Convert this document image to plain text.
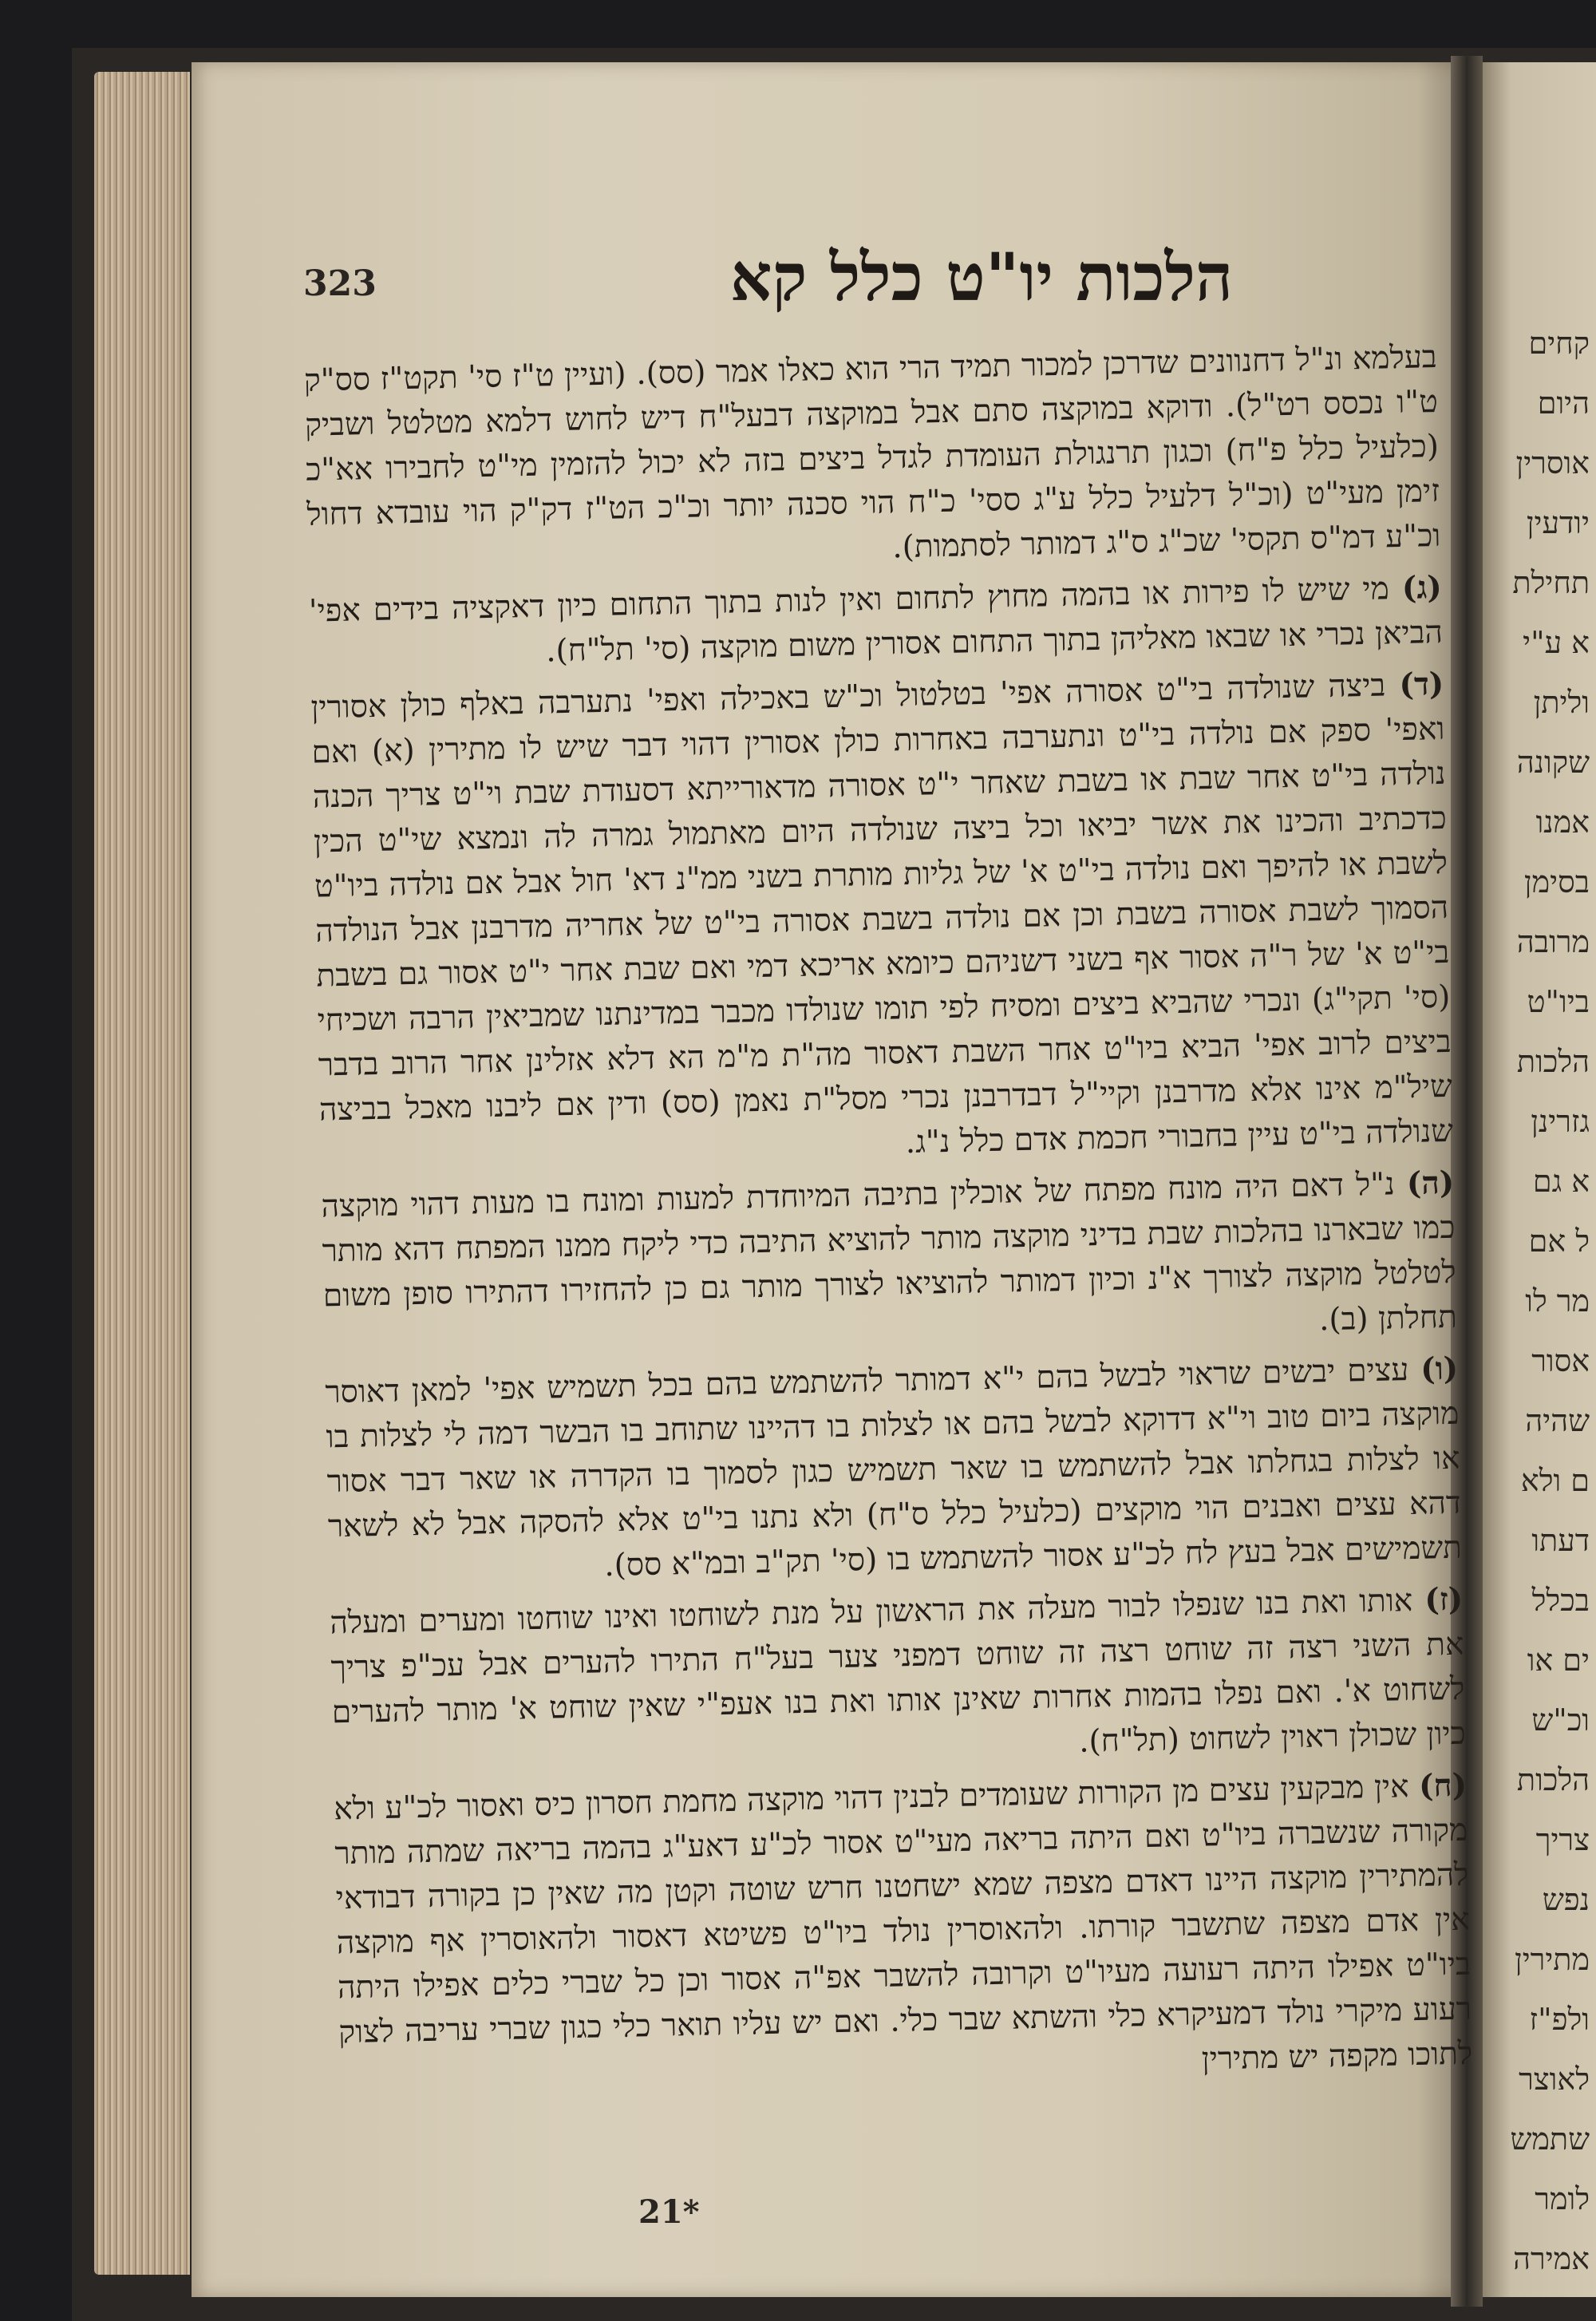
קחים
היום
אוסרין
יודעין
תחילת
א ע"י
וליתן
שקונה
אמנו
בסימן
מרובה
ביו"ט
הלכות
גזרינן
א גם
ל אם
מר לו
אסור
שהיה
ם ולא
דעתו
בכלל
ים או
וכ"ש
הלכות
צריך
נפש
מתירין
ולפ"ז
לאוצר
שתמש
לומר
אמירה
323	הלכות יו"ט כלל קא

בעלמא ונ"ל דחנוונים שדרכן למכור תמיד הרי הוא כאלו אמר (סס). (ועיין ט"ז סי' תקט"ז סס"ק ט"ו נכסס רט"ל). ודוקא במוקצה סתם אבל במוקצה דבעל"ח דיש לחוש דלמא מטלטל ושביק (כלעיל כלל פ"ח) וכגון תרנגולת העומדת לגדל ביצים בזה לא יכול להזמין מי"ט לחבירו אא"כ זימן מעי"ט (וכ"ל דלעיל כלל ע"ג ססי' כ"ח הוי סכנה יותר וכ"כ הט"ז דק"ק הוי עובדא דחול וכ"ע דמ"ס תקסי' שכ"ג ס"ג דמותר לסתמות).

(ג) מי שיש לו פירות או בהמה מחוץ לתחום ואין לנות בתוך התחום כיון דאקציה בידים אפי' הביאן נכרי או שבאו מאליהן בתוך התחום אסורין משום מוקצה (סי' תל"ח).

(ד) ביצה שנולדה בי"ט אסורה אפי' בטלטול וכ"ש באכילה ואפי' נתערבה באלף כולן אסורין ואפי' ספק אם נולדה בי"ט ונתערבה באחרות כולן אסורין דהוי דבר שיש לו מתירין (א) ואם נולדה בי"ט אחר שבת או בשבת שאחר י"ט אסורה מדאורייתא דסעודת שבת וי"ט צריך הכנה כדכתיב והכינו את אשר יביאו וכל ביצה שנולדה היום מאתמול גמרה לה ונמצא שי"ט הכין לשבת או להיפך ואם נולדה בי"ט א' של גליות מותרת בשני ממ"נ דא' חול אבל אם נולדה ביו"ט הסמוך לשבת אסורה בשבת וכן אם נולדה בשבת אסורה בי"ט של אחריה מדרבנן אבל הנולדה בי"ט א' של ר"ה אסור אף בשני דשניהם כיומא אריכא דמי ואם שבת אחר י"ט אסור גם בשבת (סי' תקי"ג) ונכרי שהביא ביצים ומסיח לפי תומו שנולדו מכבר במדינתנו שמביאין הרבה ושכיחי ביצים לרוב אפי' הביא ביו"ט אחר השבת דאסור מה"ת מ"מ הא דלא אזלינן אחר הרוב בדבר שיל"מ אינו אלא מדרבנן וקיי"ל דבדרבנן נכרי מסל"ת נאמן (סס) ודין אם ליבנו מאכל בביצה שנולדה בי"ט עיין בחבורי חכמת אדם כלל נ"ג.

(ה) נ"ל דאם היה מונח מפתח של אוכלין בתיבה המיוחדת למעות ומונח בו מעות דהוי מוקצה כמו שבארנו בהלכות שבת בדיני מוקצה מותר להוציא התיבה כדי ליקח ממנו המפתח דהא מותר לטלטל מוקצה לצורך א"נ וכיון דמותר להוציאו לצורך מותר גם כן להחזירו דהתירו סופן משום תחלתן (ב).

(ו) עצים יבשים שראוי לבשל בהם י"א דמותר להשתמש בהם בכל תשמיש אפי' למאן דאוסר מוקצה ביום טוב וי"א דדוקא לבשל בהם או לצלות בו דהיינו שתוחב בו הבשר דמה לי לצלות בו או לצלות בגחלתו אבל להשתמש בו שאר תשמיש כגון לסמוך בו הקדרה או שאר דבר אסור דהא עצים ואבנים הוי מוקצים (כלעיל כלל ס"ח) ולא נתנו בי"ט אלא להסקה אבל לא לשאר תשמישים אבל בעץ לח לכ"ע אסור להשתמש בו (סי' תק"ב ובמ"א סס).

(ז) אותו ואת בנו שנפלו לבור מעלה את הראשון על מנת לשוחטו ואינו שוחטו ומערים ומעלה את השני רצה זה שוחט רצה זה שוחט דמפני צער בעל"ח התירו להערים אבל עכ"פ צריך לשחוט א'. ואם נפלו בהמות אחרות שאינן אותו ואת בנו אעפ"י שאין שוחט א' מותר להערים כיון שכולן ראוין לשחוט (תל"ח).

(ח) אין מבקעין עצים מן הקורות שעומדים לבנין דהוי מוקצה מחמת חסרון כיס ואסור לכ"ע ולא מקורה שנשברה ביו"ט ואם היתה בריאה מעי"ט אסור לכ"ע דאע"ג בהמה בריאה שמתה מותר להמתירין מוקצה היינו דאדם מצפה שמא ישחטנו חרש שוטה וקטן מה שאין כן בקורה דבודאי אין אדם מצפה שתשבר קורתו. ולהאוסרין נולד ביו"ט פשיטא דאסור ולהאוסרין אף מוקצה ביו"ט אפילו היתה רעועה מעיו"ט וקרובה להשבר אפ"ה אסור וכן כל שברי כלים אפילו היתה רעוע מיקרי נולד דמעיקרא כלי והשתא שבר כלי. ואם יש עליו תואר כלי כגון שברי עריבה לצוק לתוכו מקפה יש מתירין

21*
